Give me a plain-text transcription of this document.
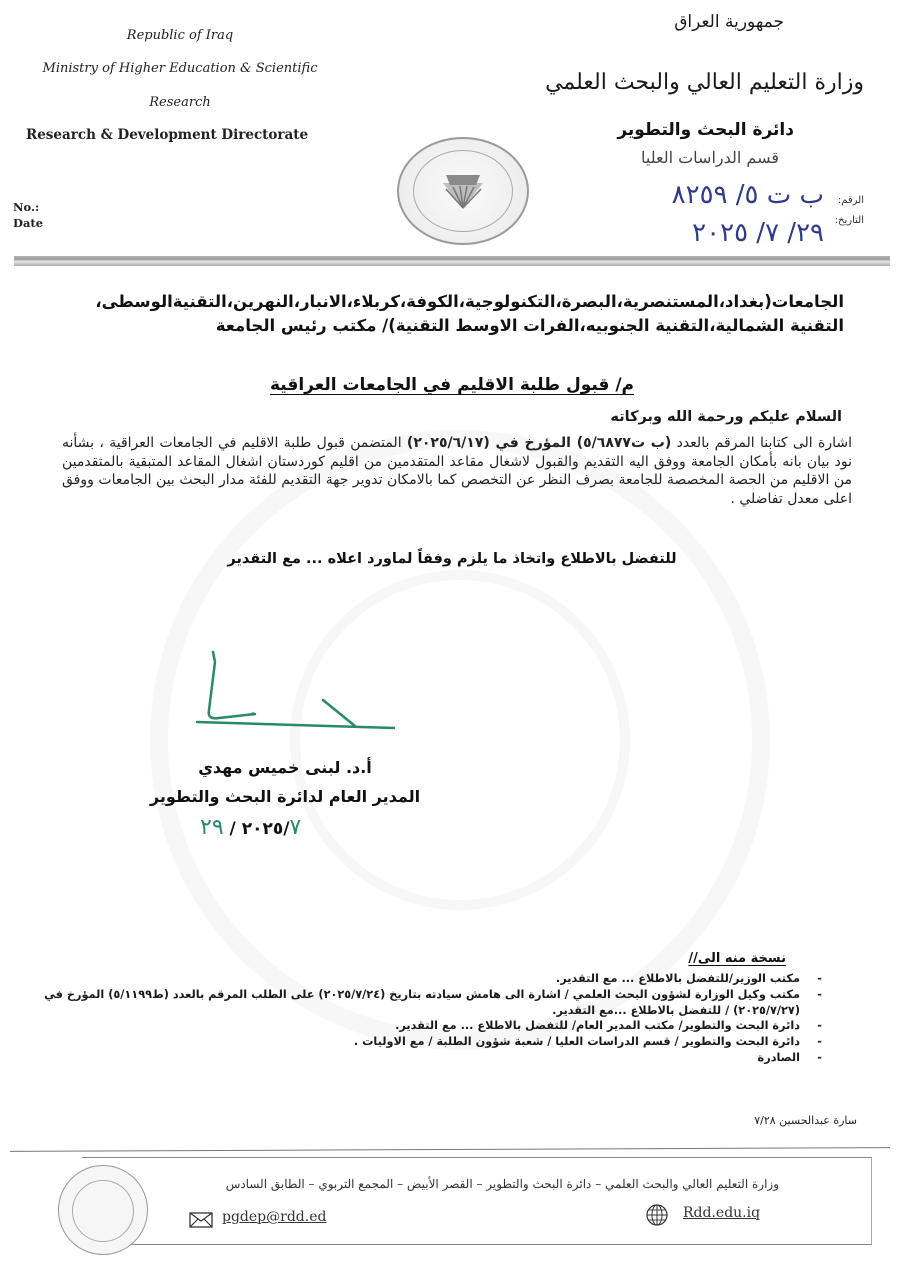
Republic of Iraq
Ministry of Higher Education & Scientific
Research
Research & Development Directorate
No.:
Date
جمهورية العراق
وزارة التعليم العالي والبحث العلمي
دائرة البحث والتطوير
قسم الدراسات العليا
الرقم:
التاريخ:
ب ت ٥/ ٨٢٥٩
٢٩/ ٧/ ٢٠٢٥
الجامعات(بغداد،المستنصرية،البصرة،التكنولوجية،الكوفة،كربلاء،الانبار،النهرين،التقنيةالوسطى،
التقنية الشمالية،التقنية الجنوبيه،الفرات الاوسط التقنية)/ مكتب رئيس الجامعة
م/ قبول طلبة الاقليم في الجامعات العراقية
السلام عليكم ورحمة الله وبركاته
اشارة الى كتابنا المرقم بالعدد (ب ت٥/٦٨٧٧) المؤرخ في (٢٠٢٥/٦/١٧) المتضمن قبول طلبة الاقليم في الجامعات العراقية ، بشأنه نود بيان بانه بأمكان الجامعة ووفق اليه التقديم والقبول لاشغال مقاعد المتقدمين من اقليم كوردستان اشغال المقاعد المتبقية بالمتقدمين من الاقليم من الحصة المخصصة للجامعة بصرف النظر عن التخصص كما بالامكان تدوير جهة التقديم للفئة مدار البحث بين الجامعات ووفق اعلى معدل تفاضلي .
للتفضل بالاطلاع واتخاذ ما يلزم وفقاً لماورد اعلاه ... مع التقدير
أ.د. لبنى خميس مهدي
المدير العام لدائرة البحث والتطوير
٢٠٢٥/٧ / ٢٩
نسخة منه الى//
-
مكتب الوزير/للتفضل بالاطلاع ... مع التقدير.
-
مكتب وكيل الوزارة لشؤون البحث العلمي / اشارة الى هامش سيادته بتاريخ (٢٠٢٥/٧/٢٤) على الطلب المرقم بالعدد (ط٥/١١٩٩) المؤرخ في (٢٠٢٥/٧/٢٧) / للتفضل بالاطلاع ...مع التقدير.
-
دائرة البحث والتطوير/ مكتب المدير العام/ للتفضل بالاطلاع ... مع التقدير.
-
دائرة البحث والتطوير / قسم الدراسات العليا / شعبة شؤون الطلبة / مع الاوليات .
-
الصادرة
سارة عبدالحسين ٧/٢٨
وزارة التعليم العالي والبحث العلمي – دائرة البحث والتطوير – القصر الأبيض – المجمع التربوي – الطابق السادس
pgdep@rdd.ed	Rdd.edu.iq
